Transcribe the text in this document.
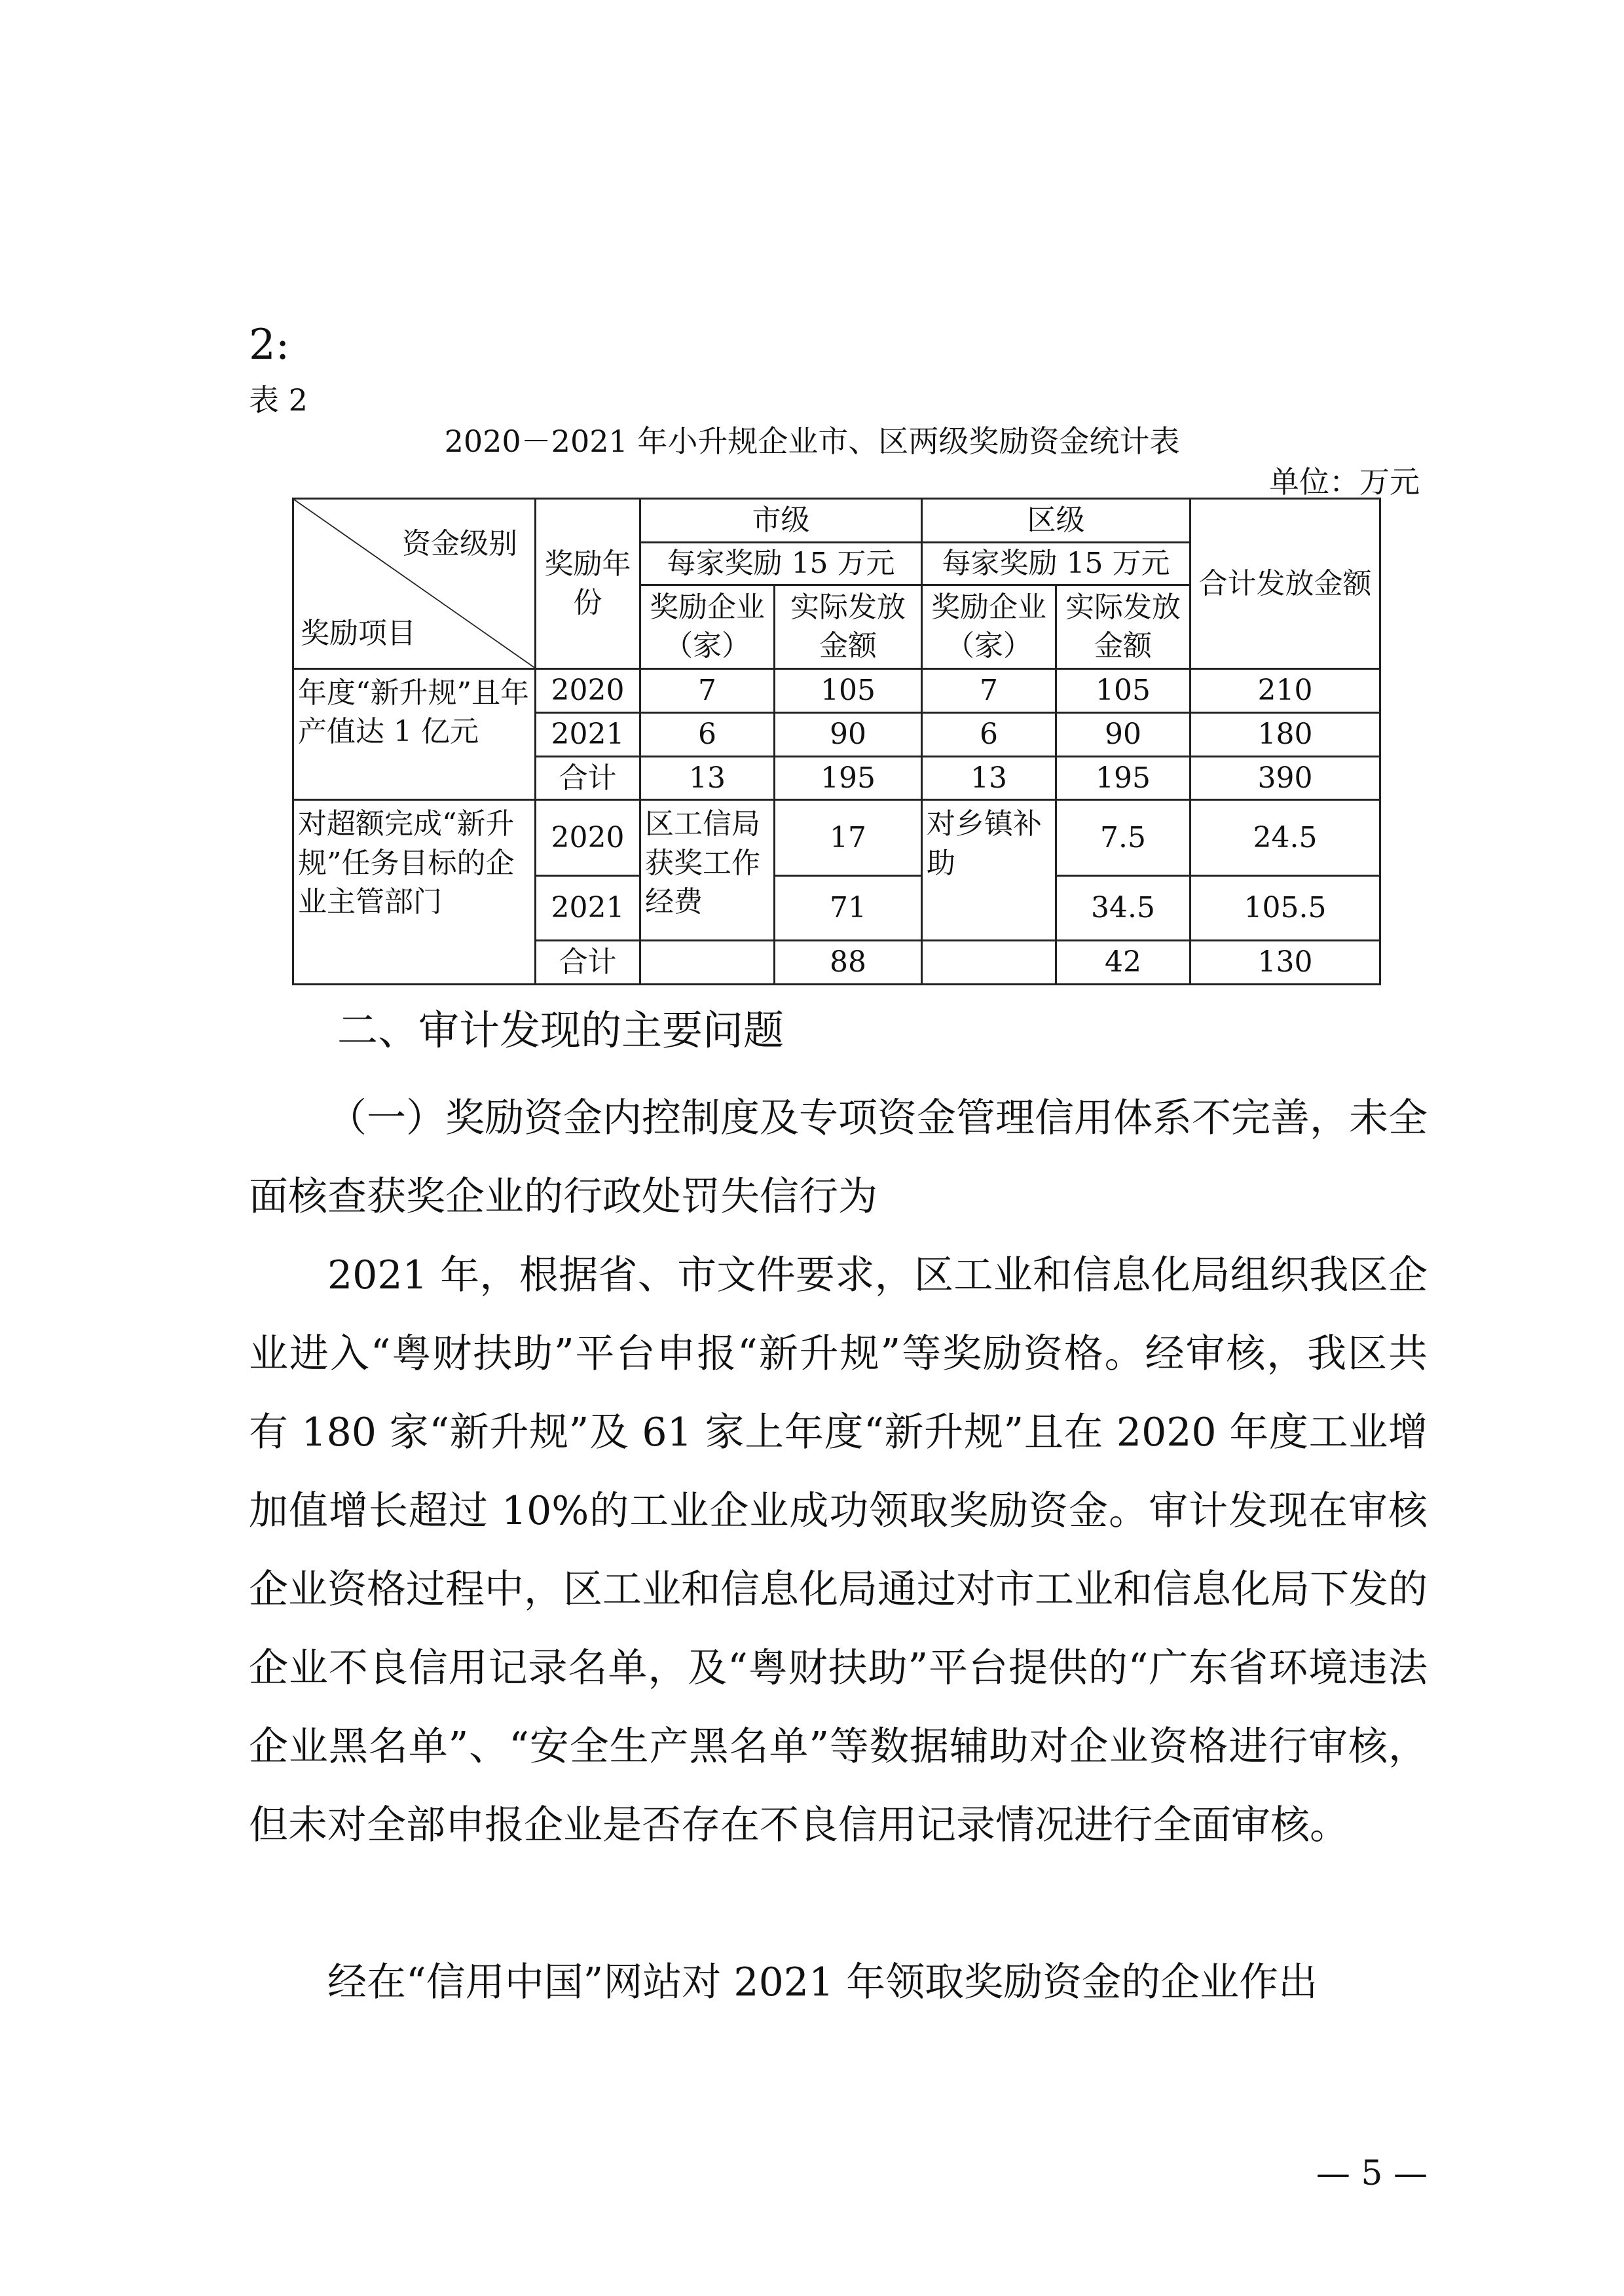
2:
表 2
2020－2021 年小升规企业市、区两级奖励资金统计表
单位：万元
资金级别
奖励项目	奖励年份	市级		区级		合计发放金额
		每家奖励 15 万元		每家奖励 15 万元		
		奖励企业（家）	实际发放金额	奖励企业（家）	实际发放金额	
年度“新升规”且年产值达 1 亿元	2020	7	105	7	105	210
	2021	6	90	6	90	180
	合计	13	195	13	195	390
对超额完成“新升规”任务目标的企业主管部门	2020	区工信局获奖工作经费	17	对乡镇补助	7.5	24.5
	2021		71		34.5	105.5
	合计		88		42	130
二、审计发现的主要问题

（一）奖励资金内控制度及专项资金管理信用体系不完善，未全面核查获奖企业的行政处罚失信行为

2021 年，根据省、市文件要求，区工业和信息化局组织我区企业进入“粤财扶助”平台申报“新升规”等奖励资格。经审核，我区共有 180 家“新升规”及 61 家上年度“新升规”且在 2020 年度工业增加值增长超过 10%的工业企业成功领取奖励资金。审计发现在审核企业资格过程中，区工业和信息化局通过对市工业和信息化局下发的企业不良信用记录名单，及“粤财扶助”平台提供的“广东省环境违法企业黑名单”、“安全生产黑名单”等数据辅助对企业资格进行审核，但未对全部申报企业是否存在不良信用记录情况进行全面审核。

经在“信用中国”网站对 2021 年领取奖励资金的企业作出

— 5 —
